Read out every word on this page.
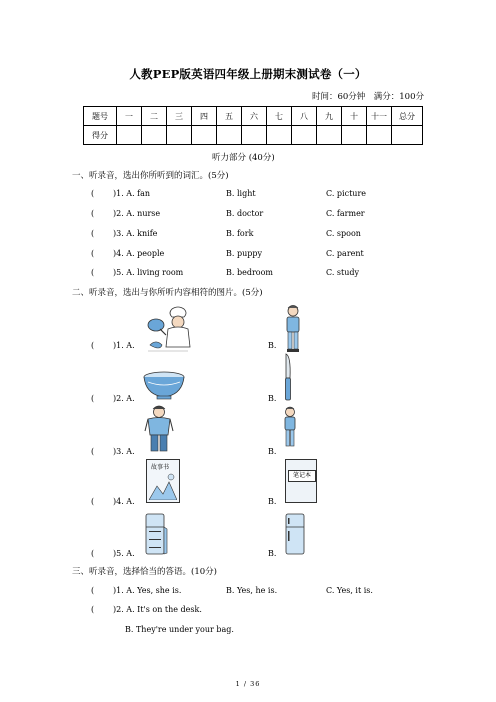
人教PEP版英语四年级上册期末测试卷（一）
时间：60分钟　满分：100分
题号	一	二	三	四	五	六	七	八	九	十	十一	总分
得分												
听力部分 (40分)
一、听录音，选出你所听到的词汇。(5分)
( )1. A. fan	B. light	C. picture
( )2. A. nurse	B. doctor	C. farmer
( )3. A. knife	B. fork	C. spoon
( )4. A. people	B. puppy	C. parent
( )5. A. living room	B. bedroom	C. study
二、听录音，选出与你所听内容相符的图片。(5分)
( )1. A.	B.
( )2. A.	B.
( )3. A.	B.
故事书
笔记本
( )4. A.	B.
( )5. A.	B.
三、听录音，选择恰当的答语。(10分)
( )1. A. Yes, she is.	B. Yes, he is.	C. Yes, it is.
( )2. A. It's on the desk.
B. They're under your bag.
1 / 36
